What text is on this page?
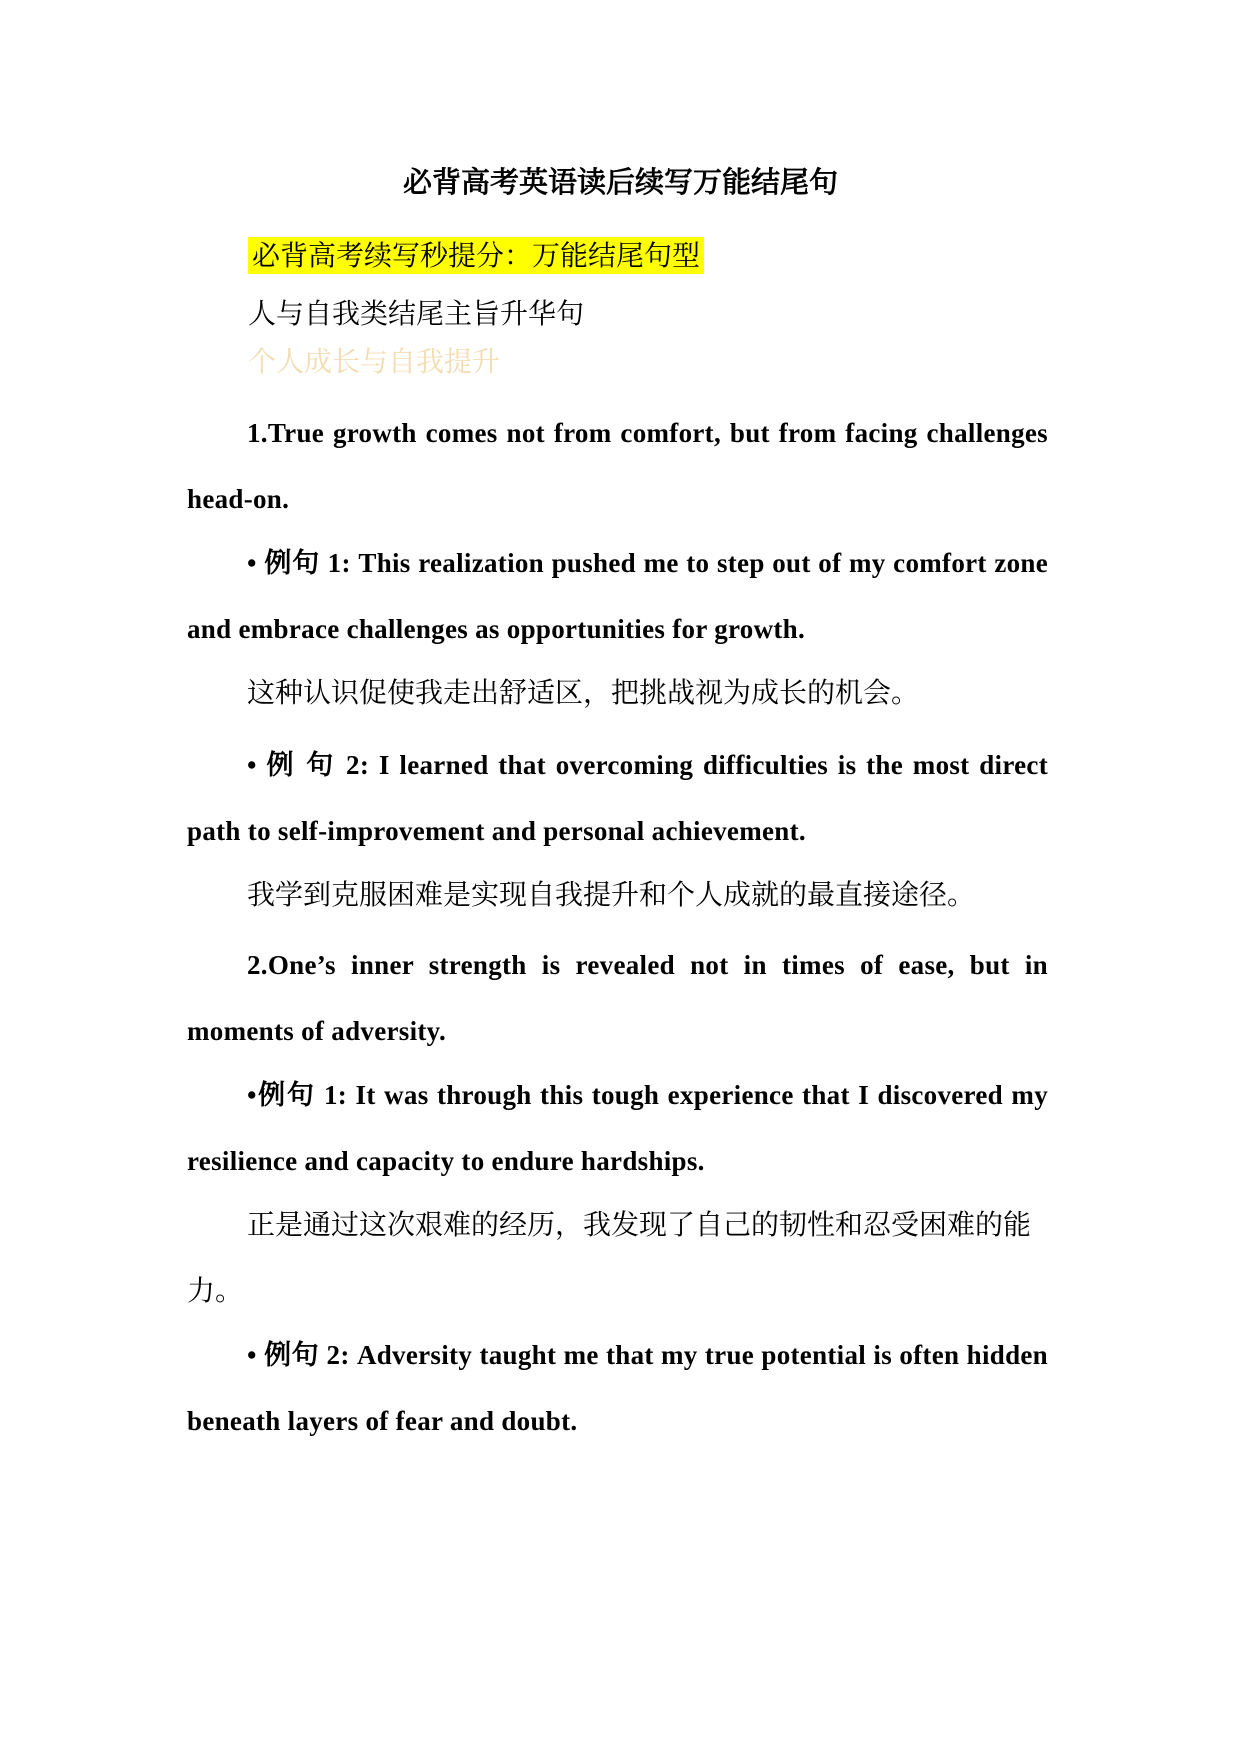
必背高考英语读后续写万能结尾句
必背高考续写秒提分：万能结尾句型
人与自我类结尾主旨升华句
个人成长与自我提升
1.True growth comes not from comfort, but from facing challenges head-on.
• 例句 1: This realization pushed me to step out of my comfort zone and embrace challenges as opportunities for growth.
这种认识促使我走出舒适区，把挑战视为成长的机会。
• 例 句 2: I learned that overcoming difficulties is the most direct path to self-improvement and personal achievement.
我学到克服困难是实现自我提升和个人成就的最直接途径。
2.One’s inner strength is revealed not in times of ease, but in moments of adversity.
•例句 1: It was through this tough experience that I discovered my resilience and capacity to endure hardships.
正是通过这次艰难的经历，我发现了自己的韧性和忍受困难的能力。
• 例句 2: Adversity taught me that my true potential is often hidden beneath layers of fear and doubt.
